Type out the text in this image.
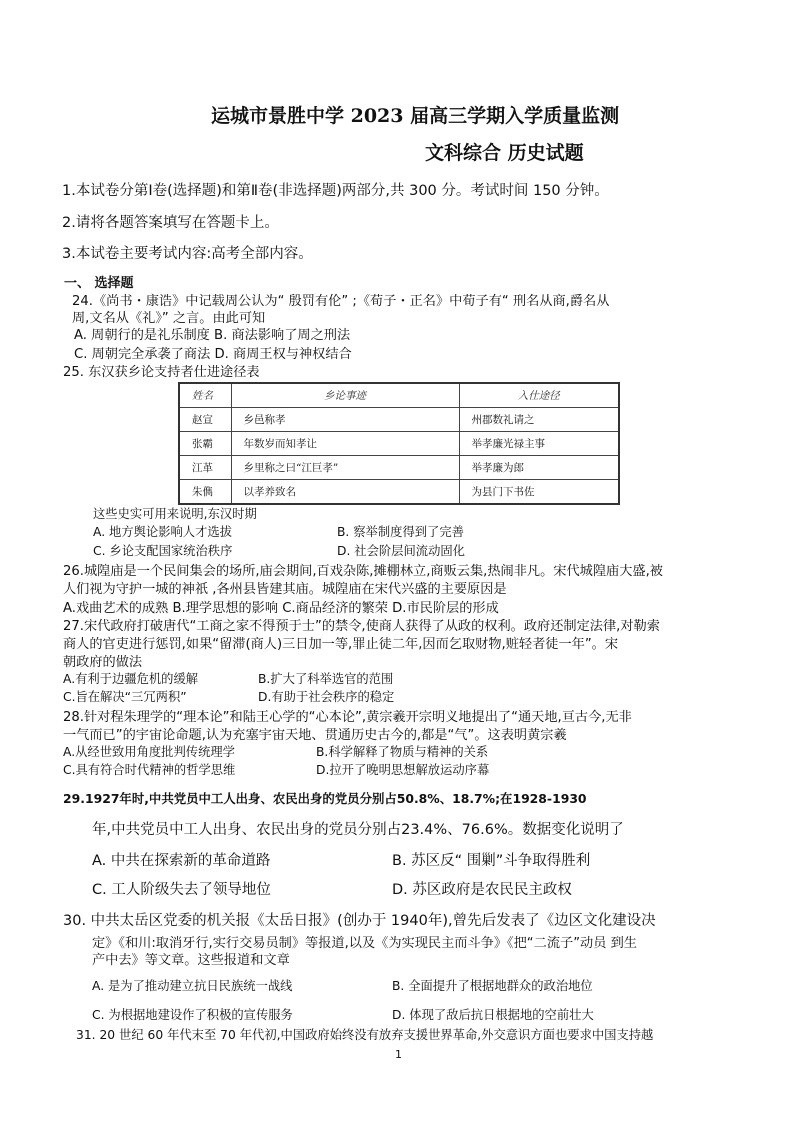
运城市景胜中学 2023 届高三学期入学质量监测
文科综合 历史试题
1.本试卷分第Ⅰ卷(选择题)和第Ⅱ卷(非选择题)两部分,共 300 分。考试时间 150 分钟。
2.请将各题答案填写在答题卡上。
3.本试卷主要考试内容:高考全部内容。
一、 选择题
24.《尚书・康诰》中记载周公认为“ 殷罚有伦” ;《荀子・正名》中荀子有“ 刑名从商,爵名从
周,文名从《礼》” 之言。由此可知
A. 周朝行的是礼乐制度 B. 商法影响了周之刑法
C. 周朝完全承袭了商法 D. 商周王权与神权结合
25. 东汉获乡论支持者仕进途径表
姓名	乡论事迹	入仕途径
赵宣	乡邑称孝	州郡数礼请之
张霸	年数岁而知孝让	举孝廉光禄主事
江革	乡里称之曰“江巨孝”	举孝廉为郎
朱儁	以孝养致名	为县门下书佐
这些史实可用来说明,东汉时期
A. 地方舆论影响人才选拔	B. 察举制度得到了完善
C. 乡论支配国家统治秩序	D. 社会阶层间流动固化
26.城隍庙是一个民间集会的场所,庙会期间,百戏杂陈,摊棚林立,商贩云集,热闹非凡。宋代城隍庙大盛,被
人们视为守护一城的神祇 ,各州县皆建其庙。城隍庙在宋代兴盛的主要原因是
A.戏曲艺术的成熟 B.理学思想的影响 C.商品经济的繁荣 D.市民阶层的形成
27.宋代政府打破唐代“工商之家不得预于士”的禁令,使商人获得了从政的权利。政府还制定法律,对勒索
商人的官吏进行惩罚,如果“留滞(商人)三日加一等,罪止徒二年,因而乞取财物,赃轻者徒一年”。宋
朝政府的做法
A.有利于边疆危机的缓解	B.扩大了科举选官的范围
C.旨在解决“三冗两积”	D.有助于社会秩序的稳定
28.针对程朱理学的“理本论”和陆王心学的“心本论”,黄宗羲开宗明义地提出了“通天地,亘古今,无非
一气而已”的宇宙论命题,认为充塞宇宙天地、贯通历史古今的,都是“气”。这表明黄宗羲
A.从经世致用角度批判传统理学	B.科学解释了物质与精神的关系
C.具有符合时代精神的哲学思维	D.拉开了晚明思想解放运动序幕
29.1927年时,中共党员中工人出身、农民出身的党员分别占50.8%、18.7%;在1928-1930
年,中共党员中工人出身、农民出身的党员分别占23.4%、76.6%。数据变化说明了
A. 中共在探索新的革命道路	B. 苏区反“ 围剿”斗争取得胜利
C. 工人阶级失去了领导地位	D. 苏区政府是农民民主政权
30. 中共太岳区党委的机关报《太岳日报》(创办于 1940年),曾先后发表了《边区文化建设决
定》《和川:取消牙行,实行交易员制》等报道,以及《为实现民主而斗争》《把“二流子”动员 到生
产中去》等文章。这些报道和文章
A. 是为了推动建立抗日民族统一战线	B. 全面提升了根据地群众的政治地位
C. 为根据地建设作了积极的宣传服务	D. 体现了敌后抗日根据地的空前壮大
31. 20 世纪 60 年代末至 70 年代初,中国政府始终没有放弃支援世界革命,外交意识方面也要求中国支持越
1
